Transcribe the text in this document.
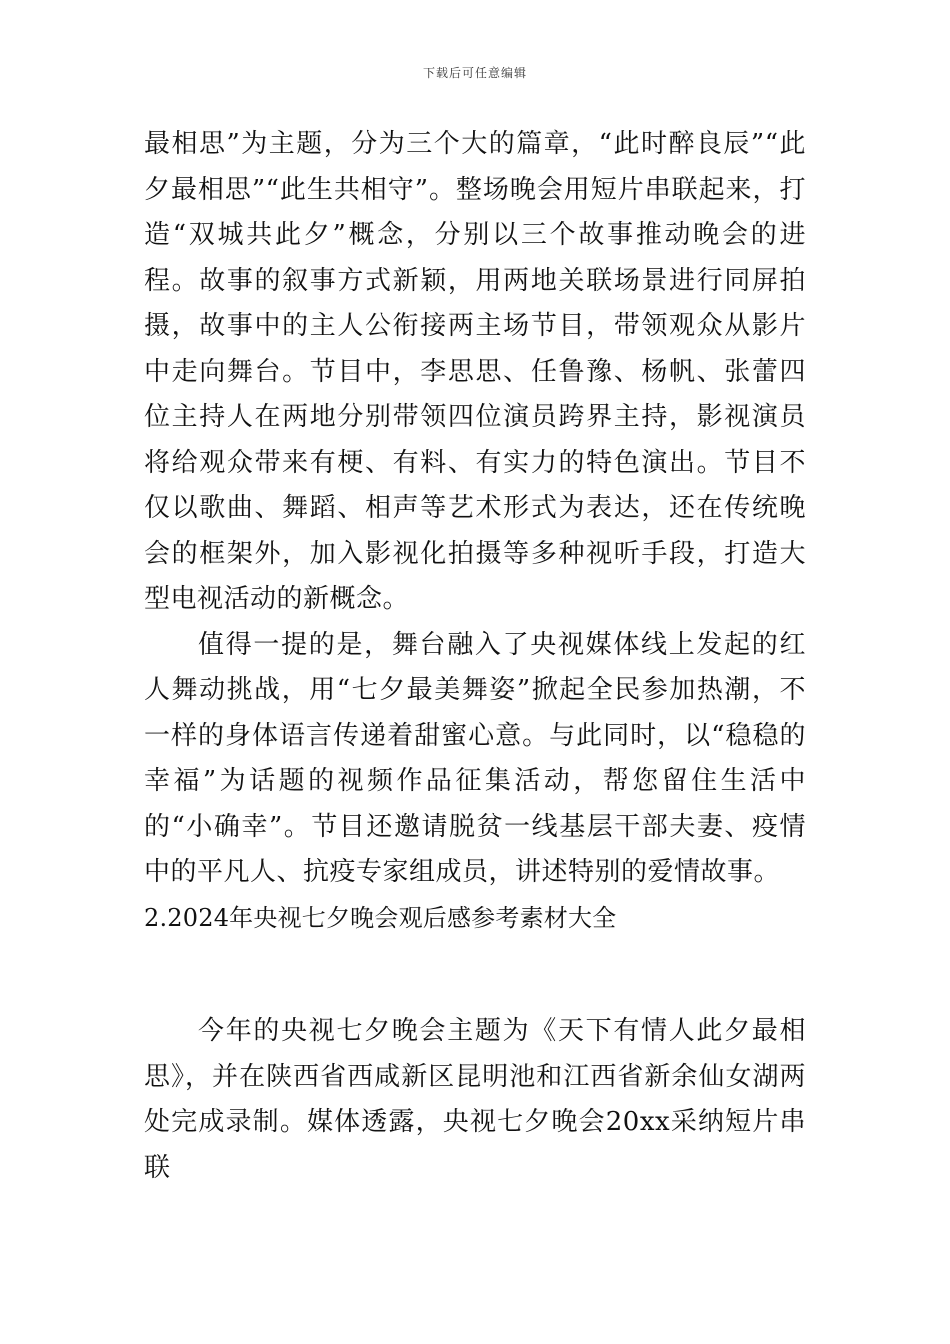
下载后可任意编辑

最相思”为主题，分为三个大的篇章，“此时醉良辰”“此夕最相思”“此生共相守”。整场晚会用短片串联起来，打造“双城共此夕”概念，分别以三个故事推动晚会的进程。故事的叙事方式新颖，用两地关联场景进行同屏拍摄，故事中的主人公衔接两主场节目，带领观众从影片中走向舞台。节目中，李思思、任鲁豫、杨帆、张蕾四位主持人在两地分别带领四位演员跨界主持，影视演员将给观众带来有梗、有料、有实力的特色演出。节目不仅以歌曲、舞蹈、相声等艺术形式为表达，还在传统晚会的框架外，加入影视化拍摄等多种视听手段，打造大型电视活动的新概念。

值得一提的是，舞台融入了央视媒体线上发起的红人舞动挑战，用“七夕最美舞姿”掀起全民参加热潮，不一样的身体语言传递着甜蜜心意。与此同时，以“稳稳的幸福”为话题的视频作品征集活动，帮您留住生活中的“小确幸”。节目还邀请脱贫一线基层干部夫妻、疫情中的平凡人、抗疫专家组成员，讲述特别的爱情故事。

2.2024年央视七夕晚会观后感参考素材大全

今年的央视七夕晚会主题为《天下有情人此夕最相思》，并在陕西省西咸新区昆明池和江西省新余仙女湖两处完成录制。媒体透露，央视七夕晚会20xx采纳短片串联
